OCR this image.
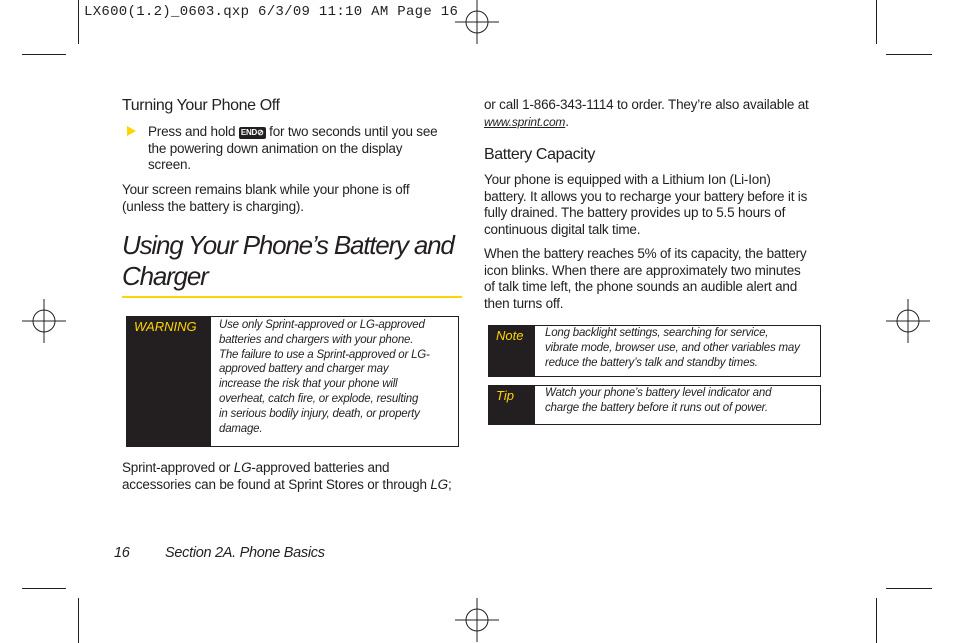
LX600(1.2)_0603.qxp 6/3/09 11:10 AM Page 16
Turning Your Phone Off
Press and hold END⊘ for two seconds until you see
the powering down animation on the display
screen.
Your screen remains blank while your phone is off
(unless the battery is charging).
Using Your Phone’s Battery and
Charger
WARNING Use only Sprint-approved or LG-approved
batteries and chargers with your phone.
The failure to use a Sprint-approved or LG-
approved battery and charger may
increase the risk that your phone will
overheat, catch fire, or explode, resulting
in serious bodily injury, death, or property
damage.
Sprint-approved or LG-approved batteries and
accessories can be found at Sprint Stores or through LG;
or call 1-866-343-1114 to order. They’re also available at
www.sprint.com.
Battery Capacity
Your phone is equipped with a Lithium Ion (Li-Ion)
battery. It allows you to recharge your battery before it is
fully drained. The battery provides up to 5.5 hours of
continuous digital talk time.
When the battery reaches 5% of its capacity, the battery
icon blinks. When there are approximately two minutes
of talk time left, the phone sounds an audible alert and
then turns off.
Note Long backlight settings, searching for service,
vibrate mode, browser use, and other variables may
reduce the battery’s talk and standby times.
Tip	Watch your phone’s battery level indicator and
charge the battery before it runs out of power.
16 Section 2A. Phone Basics
